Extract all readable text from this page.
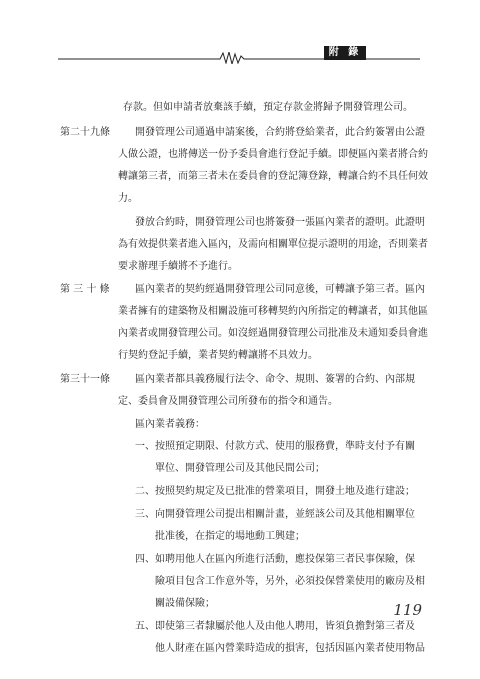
附 錄
存款。但如申請者放棄該手續，預定存款金將歸予開發管理公司。
第二十九條	開發管理公司通過申請案後，合約將登給業者，此合約簽署由公證
人做公證，也將傳送一份予委員會進行登記手續。即便區內業者將合約
轉讓第三者，而第三者未在委員會的登記簿登錄，轉讓合約不具任何效
力。
發放合約時，開發管理公司也將簽發一張區內業者的證明。此證明
為有效提供業者進入區內，及需向相關單位提示證明的用途，否則業者
要求辦理手續將不予進行。
第 三 十 條	區內業者的契約經過開發管理公司同意後，可轉讓予第三者。區內
業者擁有的建築物及相關設施可移轉契約內所指定的轉讓者，如其他區
內業者或開發管理公司。如沒經過開發管理公司批准及未通知委員會進
行契約登記手續，業者契約轉讓將不具效力。
第三十一條	區內業者都具義務履行法令、命令、規則、簽署的合約、內部規
定、委員會及開發管理公司所發布的指令和通告。
區內業者義務：
一、按照預定期限、付款方式、使用的服務費，準時支付予有關
單位、開發管理公司及其他民間公司；
二、按照契約規定及已批准的營業項目，開發土地及進行建設；
三、向開發管理公司提出相關計畫，並經該公司及其他相關單位
批准後，在指定的場地動工興建；
四、如聘用他人在區內所進行活動，應投保第三者民事保險，保
險項目包含工作意外等，另外，必須投保營業使用的廠房及相
關設備保險；
五、即使第三者隸屬於他人及由他人聘用，皆須負擔對第三者及
他人財產在區內營業時造成的損害，包括因區內業者使用物品
119
